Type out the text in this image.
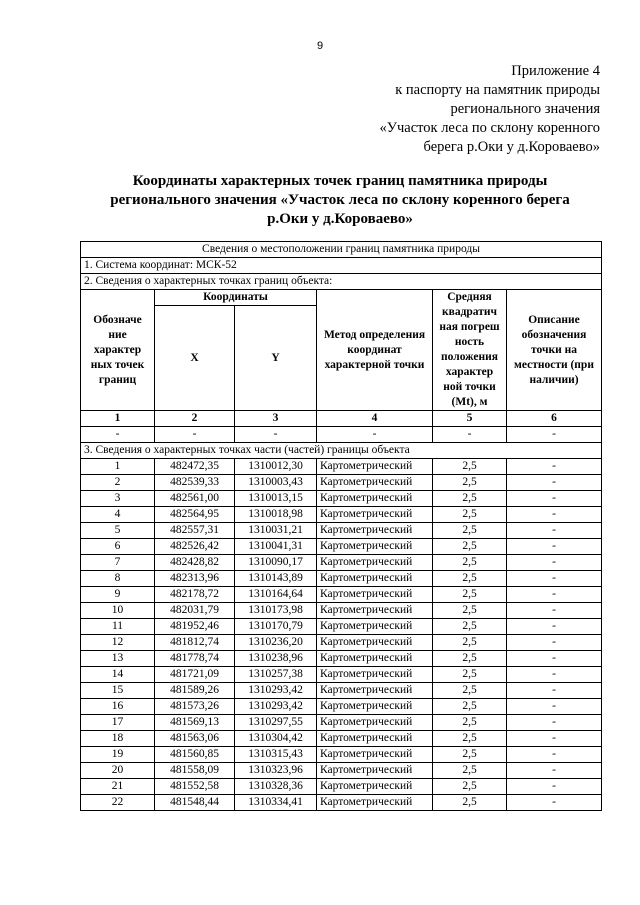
9
Приложение 4
к паспорту на памятник природы
регионального значения
«Участок леса по склону коренного
берега р.Оки у д.Короваево»
Координаты характерных точек границ памятника природы
регионального значения «Участок леса по склону коренного берега
р.Оки у д.Короваево»
Сведения о местоположении границ памятника природы					
1. Система координат: МСК-52					
2. Сведения о характерных точках границ объекта:					
Обозначе ние характер ных точек границ	Координаты		Метод определения координат характерной точки	Средняя квадратич ная погреш ность положения характер ной точки (Mt), м	Описание обозначения точки на местности (при наличии)
	X	Y			
1	2	3	4	5	6
-	-	-	-	-	-
3. Сведения о характерных точках части (частей) границы объекта					
1	482472,35	1310012,30	Картометрический	2,5	-
2	482539,33	1310003,43	Картометрический	2,5	-
3	482561,00	1310013,15	Картометрический	2,5	-
4	482564,95	1310018,98	Картометрический	2,5	-
5	482557,31	1310031,21	Картометрический	2,5	-
6	482526,42	1310041,31	Картометрический	2,5	-
7	482428,82	1310090,17	Картометрический	2,5	-
8	482313,96	1310143,89	Картометрический	2,5	-
9	482178,72	1310164,64	Картометрический	2,5	-
10	482031,79	1310173,98	Картометрический	2,5	-
11	481952,46	1310170,79	Картометрический	2,5	-
12	481812,74	1310236,20	Картометрический	2,5	-
13	481778,74	1310238,96	Картометрический	2,5	-
14	481721,09	1310257,38	Картометрический	2,5	-
15	481589,26	1310293,42	Картометрический	2,5	-
16	481573,26	1310293,42	Картометрический	2,5	-
17	481569,13	1310297,55	Картометрический	2,5	-
18	481563,06	1310304,42	Картометрический	2,5	-
19	481560,85	1310315,43	Картометрический	2,5	-
20	481558,09	1310323,96	Картометрический	2,5	-
21	481552,58	1310328,36	Картометрический	2,5	-
22	481548,44	1310334,41	Картометрический	2,5	-
